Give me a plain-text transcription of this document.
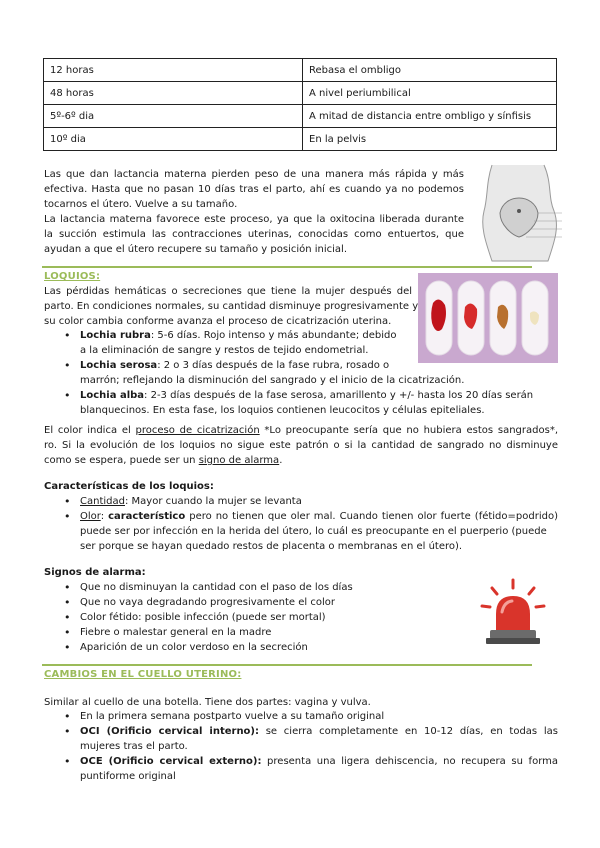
12 horas	Rebasa el ombligo
48 horas	A nivel periumbilical
5º-6º dia	A mitad de distancia entre ombligo y sínfisis
10º dia	En la pelvis
Las que dan lactancia materna pierden peso de una manera más rápida y más
efectiva. Hasta que no pasan 10 días tras el parto, ahí es cuando ya no podemos
tocarnos el útero. Vuelve a su tamaño.
La lactancia materna favorece este proceso, ya que la oxitocina liberada durante
la succión estimula las contracciones uterinas, conocidas como entuertos, que
ayudan a que el útero recupere su tamaño y posición inicial.
LOQUIOS:
Las pérdidas hemáticas o secreciones que tiene la mujer después del
parto. En condiciones normales, su cantidad disminuye progresivamente y
su color cambia conforme avanza el proceso de cicatrización uterina.
• Lochia rubra: 5-6 días. Rojo intenso y más abundante; debido
a la eliminación de sangre y restos de tejido endometrial.
• Lochia serosa: 2 o 3 días después de la fase rubra, rosado o
marrón; reflejando la disminución del sangrado y el inicio de la cicatrización.
• Lochia alba: 2-3 días después de la fase serosa, amarillento y +/- hasta los 20 días serán
blanquecinos. En esta fase, los loquios contienen leucocitos y células epiteliales.
El color indica el proceso de cicatrización *Lo preocupante sería que no hubiera estos sangrados*,
ro. Si la evolución de los loquios no sigue este patrón o si la cantidad de sangrado no disminuye
como se espera, puede ser un signo de alarma.
Características de los loquios:
• Cantidad: Mayor cuando la mujer se levanta
• Olor: característico pero no tienen que oler mal. Cuando tienen olor fuerte (fétido=podrido)
puede ser por infección en la herida del útero, lo cuál es preocupante en el puerperio (puede
ser porque se hayan quedado restos de placenta o membranas en el útero).
Signos de alarma:
• Que no disminuyan la cantidad con el paso de los días
• Que no vaya degradando progresivamente el color
• Color fétido: posible infección (puede ser mortal)
• Fiebre o malestar general en la madre
• Aparición de un color verdoso en la secreción
CAMBIOS EN EL CUELLO UTERINO:
Similar al cuello de una botella. Tiene dos partes: vagina y vulva.
• En la primera semana postparto vuelve a su tamaño original
• OCI (Orificio cervical interno): se cierra completamente en 10-12 días, en todas las
mujeres tras el parto.
• OCE (Orificio cervical externo): presenta una ligera dehiscencia, no recupera su forma
puntiforme original
